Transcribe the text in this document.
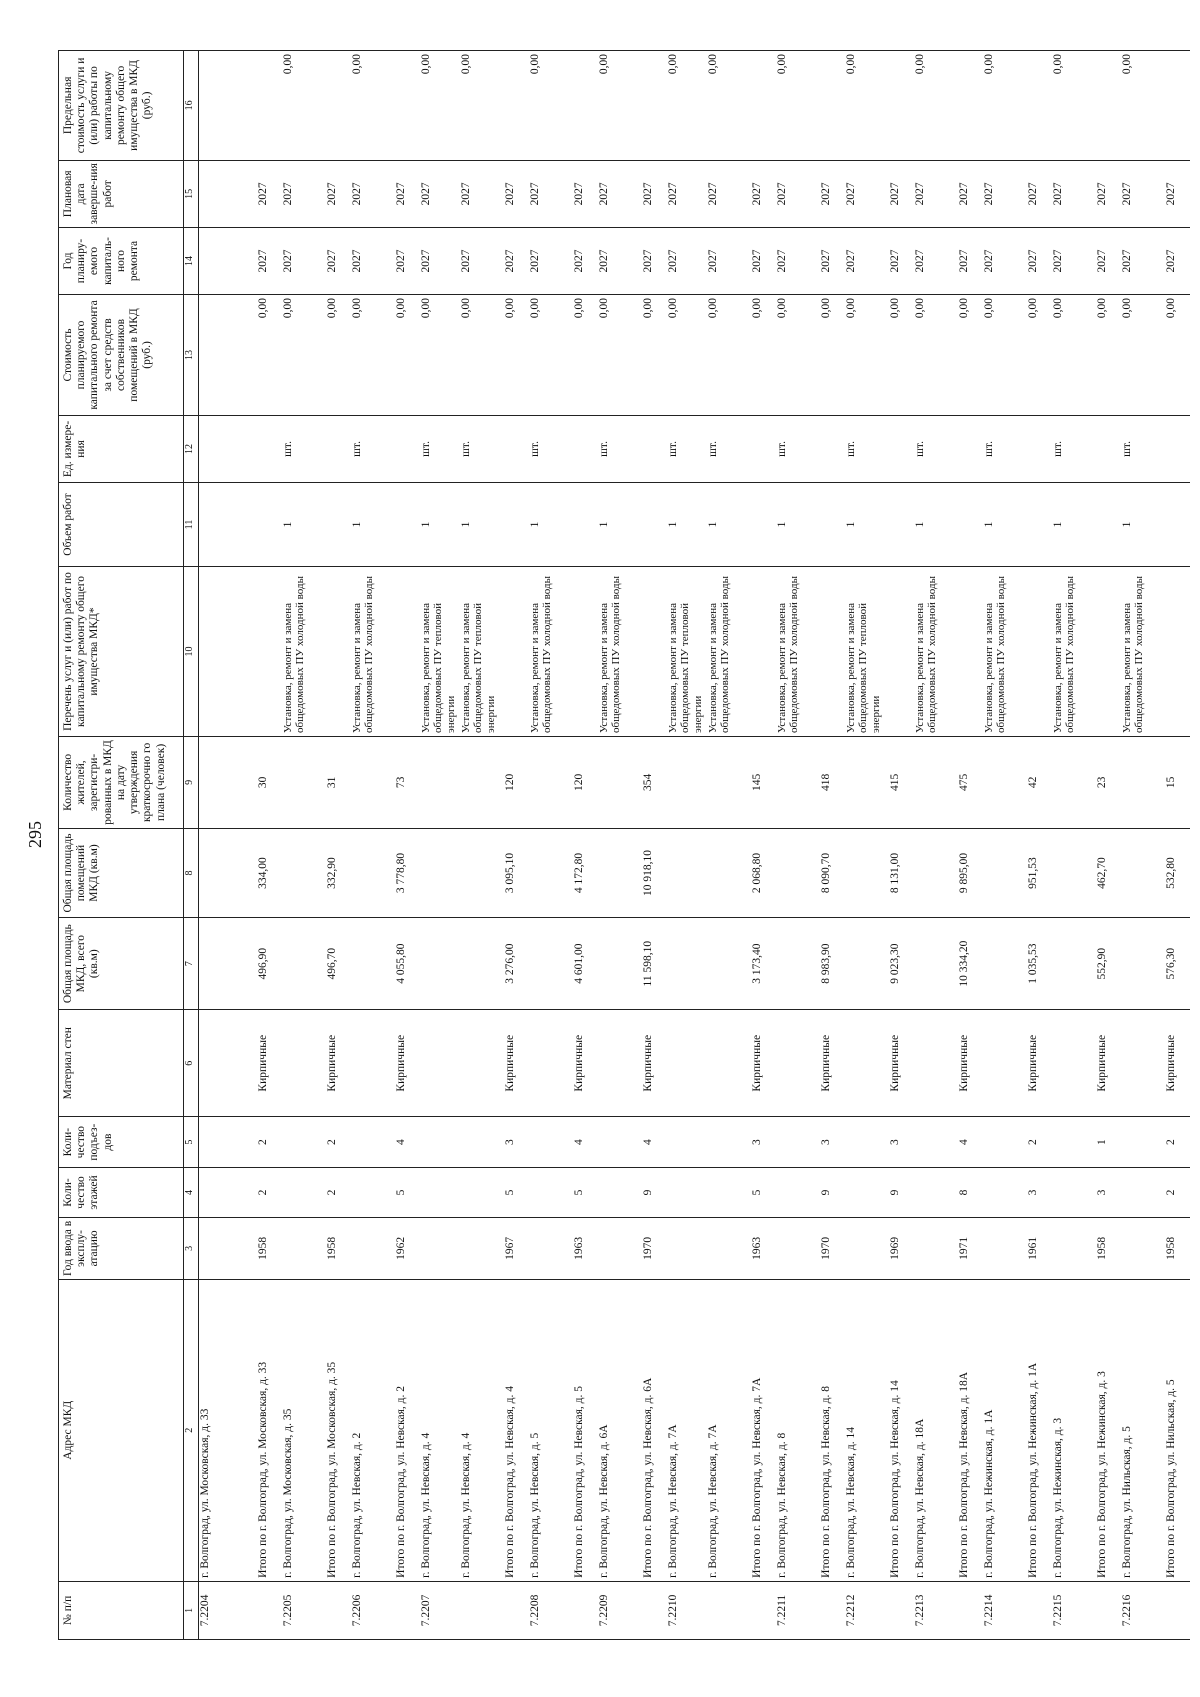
295
№ п/п	Адрес МКД	Год ввода в эксплу-атацию	Коли-чество этажей	Коли-чество подъез-дов	Материал стен	Общая площадь МКД, всего (кв.м)	Общая площадь помещений МКД (кв.м)	Количество жителей, зарегистри-рованных в МКД на дату утверждения краткосрочно го плана (человек)	Перечень услуг и (или) работ по капитальному ремонту общего имущества МКД*	Объем работ	Ед. измере-ния	Стоимость планируемого капитального ремонта за счет средств собственников помещений в МКД (руб.)	Год планиру-емого капиталь-ного ремонта	Плановая дата заверше-ния работ	Предельная стоимость услуги и (или) работы по капитальному ремонту общего имущества в МКД (руб.)
1	2	3	4	5	6	7	8	9	10	11	12	13	14	15	16
7.2204	г. Волгоград, ул. Московская, д. 33														
	Итого по г. Волгоград, ул. Московская, д. 33	1958	2	2	Кирпичные	496,90	334,00	30				0,00	2027	2027	
7.2205	г. Волгоград, ул. Московская, д. 35								Установка, ремонт и замена общедомовых ПУ холодной воды	1	шт.	0,00	2027	2027	0,00
	Итого по г. Волгоград, ул. Московская, д. 35	1958	2	2	Кирпичные	496,70	332,90	31				0,00	2027	2027	
7.2206	г. Волгоград, ул. Невская, д. 2								Установка, ремонт и замена общедомовых ПУ холодной воды	1	шт.	0,00	2027	2027	0,00
	Итого по г. Волгоград, ул. Невская, д. 2	1962	5	4	Кирпичные	4 055,80	3 778,80	73				0,00	2027	2027	
7.2207	г. Волгоград, ул. Невская, д. 4								Установка, ремонт и замена общедомовых ПУ тепловой энергии	1	шт.	0,00	2027	2027	0,00
	г. Волгоград, ул. Невская, д. 4								Установка, ремонт и замена общедомовых ПУ тепловой энергии	1	шт.	0,00	2027	2027	0,00
	Итого по г. Волгоград, ул. Невская, д. 4	1967	5	3	Кирпичные	3 276,00	3 095,10	120				0,00	2027	2027	
7.2208	г. Волгоград, ул. Невская, д. 5								Установка, ремонт и замена общедомовых ПУ холодной воды	1	шт.	0,00	2027	2027	0,00
	Итого по г. Волгоград, ул. Невская, д. 5	1963	5	4	Кирпичные	4 601,00	4 172,80	120				0,00	2027	2027	
7.2209	г. Волгоград, ул. Невская, д. 6А								Установка, ремонт и замена общедомовых ПУ холодной воды	1	шт.	0,00	2027	2027	0,00
	Итого по г. Волгоград, ул. Невская, д. 6А	1970	9	4	Кирпичные	11 598,10	10 918,10	354				0,00	2027	2027	
7.2210	г. Волгоград, ул. Невская, д. 7А								Установка, ремонт и замена общедомовых ПУ тепловой энергии	1	шт.	0,00	2027	2027	0,00
	г. Волгоград, ул. Невская, д. 7А								Установка, ремонт и замена общедомовых ПУ холодной воды	1	шт.	0,00	2027	2027	0,00
	Итого по г. Волгоград, ул. Невская, д. 7А	1963	5	3	Кирпичные	3 173,40	2 068,80	145				0,00	2027	2027	
7.2211	г. Волгоград, ул. Невская, д. 8								Установка, ремонт и замена общедомовых ПУ холодной воды	1	шт.	0,00	2027	2027	0,00
	Итого по г. Волгоград, ул. Невская, д. 8	1970	9	3	Кирпичные	8 983,90	8 090,70	418				0,00	2027	2027	
7.2212	г. Волгоград, ул. Невская, д. 14								Установка, ремонт и замена общедомовых ПУ тепловой энергии	1	шт.	0,00	2027	2027	0,00
	Итого по г. Волгоград, ул. Невская, д. 14	1969	9	3	Кирпичные	9 023,30	8 131,00	415				0,00	2027	2027	
7.2213	г. Волгоград, ул. Невская, д. 18А								Установка, ремонт и замена общедомовых ПУ холодной воды	1	шт.	0,00	2027	2027	0,00
	Итого по г. Волгоград, ул. Невская, д. 18А	1971	8	4	Кирпичные	10 334,20	9 895,00	475				0,00	2027	2027	
7.2214	г. Волгоград, ул. Нежинская, д. 1А								Установка, ремонт и замена общедомовых ПУ холодной воды	1	шт.	0,00	2027	2027	0,00
	Итого по г. Волгоград, ул. Нежинская, д. 1А	1961	3	2	Кирпичные	1 035,53	951,53	42				0,00	2027	2027	
7.2215	г. Волгоград, ул. Нежинская, д. 3								Установка, ремонт и замена общедомовых ПУ холодной воды	1	шт.	0,00	2027	2027	0,00
	Итого по г. Волгоград, ул. Нежинская, д. 3	1958	3	1	Кирпичные	552,90	462,70	23				0,00	2027	2027	
7.2216	г. Волгоград, ул. Нильская, д. 5								Установка, ремонт и замена общедомовых ПУ холодной воды	1	шт.	0,00	2027	2027	0,00
	Итого по г. Волгоград, ул. Нильская, д. 5	1958	2	2	Кирпичные	576,30	532,80	15				0,00	2027	2027	
